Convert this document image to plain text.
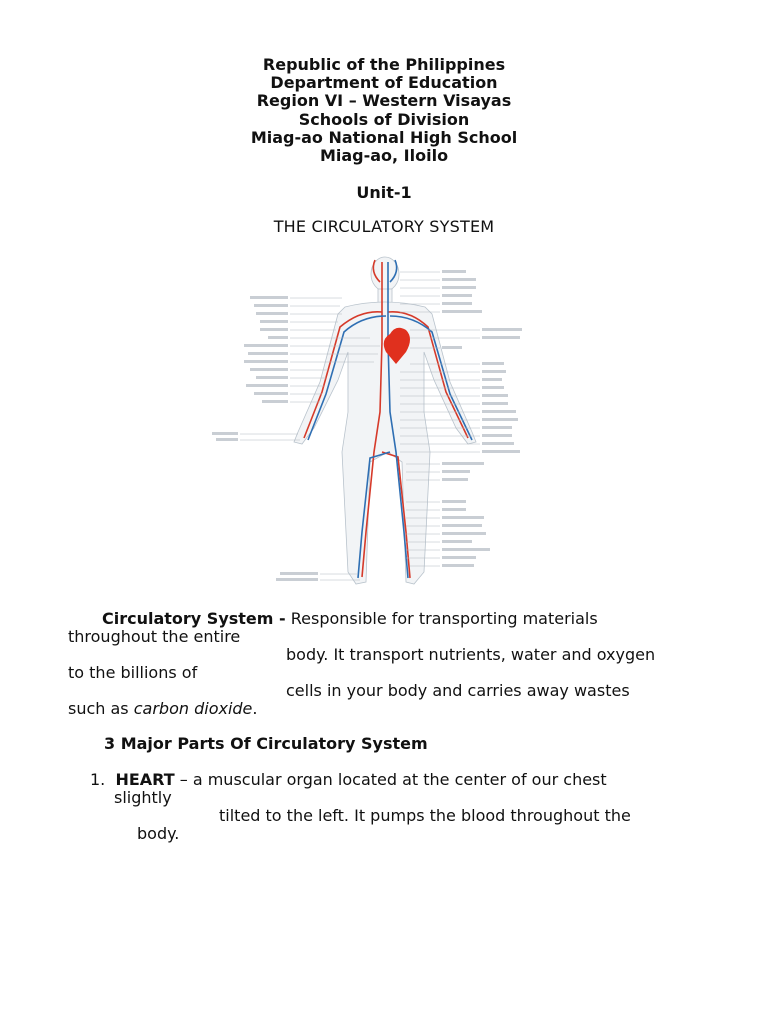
Republic of the Philippines
Department of Education
Region VI – Western Visayas
Schools of Division
Miag-ao National High School
Miag-ao, Iloilo
Unit-1
THE CIRCULATORY SYSTEM
Circulatory System - Responsible for transporting materials
throughout the entire
body. It transport nutrients, water and oxygen
to the billions of
cells in your body and carries away wastes
such as carbon dioxide.
3 Major Parts Of Circulatory System
1. HEART – a muscular organ located at the center of our chest
slightly
tilted to the left. It pumps the blood throughout the
body.
